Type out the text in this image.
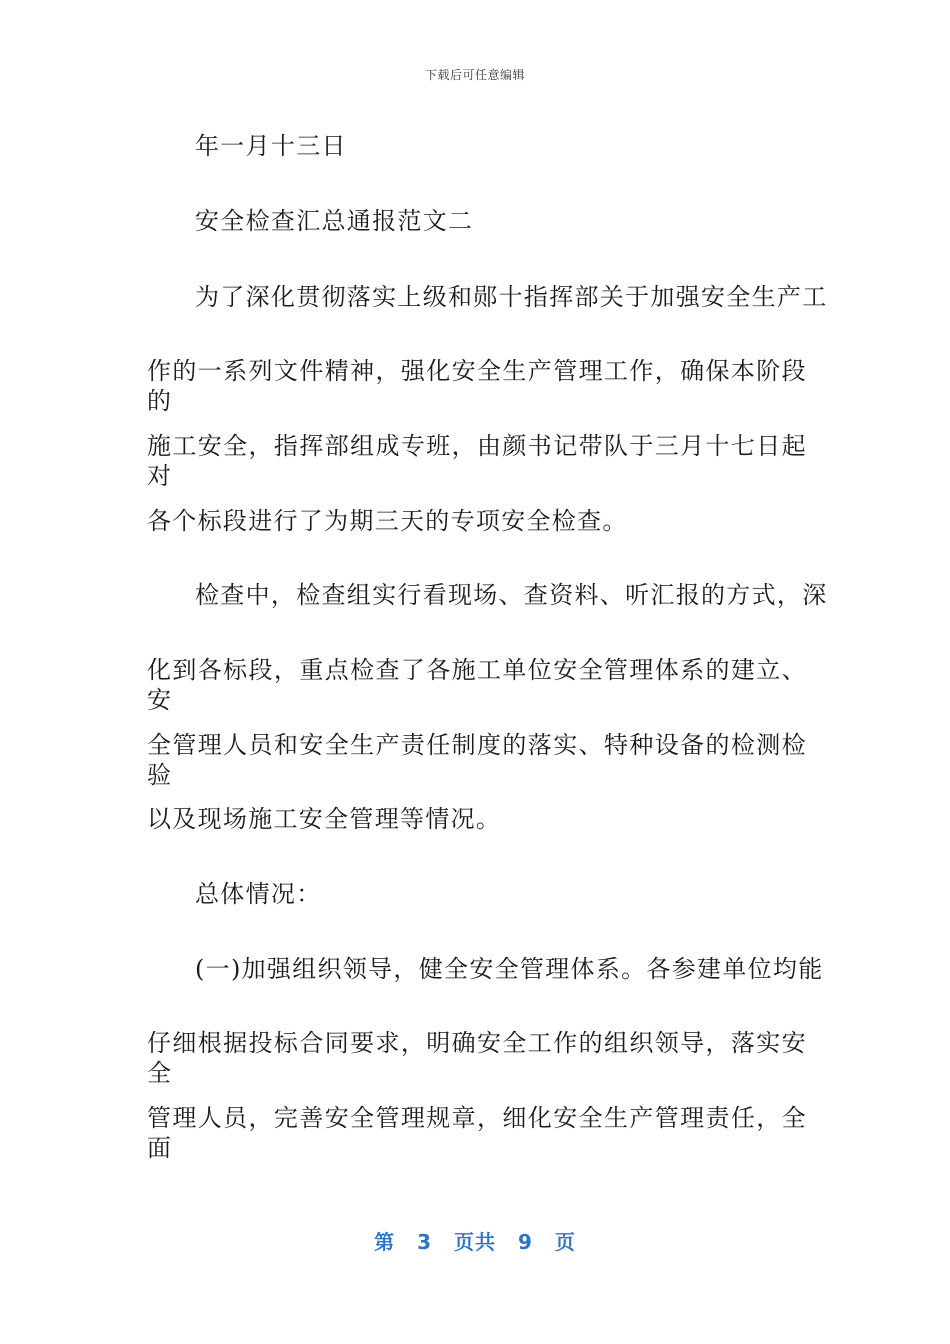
下载后可任意编辑
年一月十三日
安全检查汇总通报范文二
为了深化贯彻落实上级和郧十指挥部关于加强安全生产工
作的一系列文件精神，强化安全生产管理工作，确保本阶段的
施工安全，指挥部组成专班，由颜书记带队于三月十七日起对
各个标段进行了为期三天的专项安全检查。
检查中，检查组实行看现场、查资料、听汇报的方式，深
化到各标段，重点检查了各施工单位安全管理体系的建立、安
全管理人员和安全生产责任制度的落实、特种设备的检测检验
以及现场施工安全管理等情况。
总体情况：
(一)加强组织领导，健全安全管理体系。各参建单位均能
仔细根据投标合同要求，明确安全工作的组织领导，落实安全
管理人员，完善安全管理规章，细化安全生产管理责任，全面
第 3 页共 9 页
